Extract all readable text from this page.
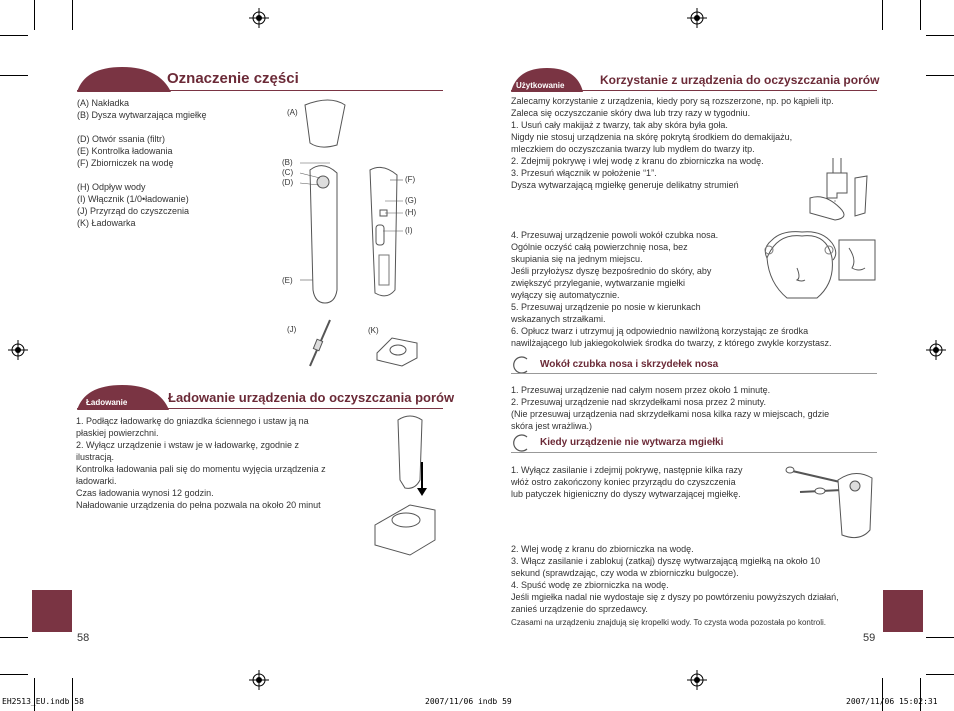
Oznaczenie części
(A) Nakładka
(B) Dysza wytwarzająca mgiełkę
(D) Otwór ssania (filtr)
(E) Kontrolka ładowania
(F) Zbiorniczek na wodę
(H) Odpływ wody
(I) Włącznik (1/0•ładowanie)
(J) Przyrząd do czyszczenia
(K) Ładowarka
(A)
(B)
(C)
(D)
(E)
(F)
(G)
(H)
(I)
(J)	(K)
Ładowanie	Ładowanie urządzenia do oczyszczania porów
1. Podłącz ładowarkę do gniazdka ściennego i ustaw ją na
płaskiej powierzchni.
2. Wyłącz urządzenie i wstaw je w ładowarkę, zgodnie z
ilustracją.
Kontrolka ładowania pali się do momentu wyjęcia urządzenia z
ładowarki.
Czas ładowania wynosi 12 godzin.
Naładowanie urządzenia do pełna pozwala na około 20 minut
58
Użytkowanie	Korzystanie z urządzenia do oczyszczania porów
Zalecamy korzystanie z urządzenia, kiedy pory są rozszerzone, np. po kąpieli itp.
Zaleca się oczyszczanie skóry dwa lub trzy razy w tygodniu.
1. Usuń cały makijaż z twarzy, tak aby skóra była goła.
Nigdy nie stosuj urządzenia na skórę pokrytą środkiem do demakijażu,
mleczkiem do oczyszczania twarzy lub mydłem do twarzy itp.
2. Zdejmij pokrywę i wlej wodę z kranu do zbiorniczka na wodę.
3. Przesuń włącznik w położenie “1”.
Dysza wytwarzającą mgiełkę generuje delikatny strumień
4. Przesuwaj urządzenie powoli wokół czubka nosa.
Ogólnie oczyść całą powierzchnię nosa, bez
skupiania się na jednym miejscu.
Jeśli przyłożysz dyszę bezpośrednio do skóry, aby
zwiększyć przyleganie, wytwarzanie mgiełki
wyłączy się automatycznie.
5. Przesuwaj urządzenie po nosie w kierunkach
wskazanych strzałkami.
6. Opłucz twarz i utrzymuj ją odpowiednio nawilżoną korzystając ze środka
nawilżającego lub jakiegokolwiek środka do twarzy, z którego zwykle korzystasz.
Wokół czubka nosa i skrzydełek nosa
1. Przesuwaj urządzenie nad całym nosem przez około 1 minutę.
2. Przesuwaj urządzenie nad skrzydełkami nosa przez 2 minuty.
(Nie przesuwaj urządzenia nad skrzydełkami nosa kilka razy w miejscach, gdzie
skóra jest wrażliwa.)
Kiedy urządzenie nie wytwarza mgiełki
1. Wyłącz zasilanie i zdejmij pokrywę, następnie kilka razy
włóż ostro zakończony koniec przyrządu do czyszczenia
lub patyczek higieniczny do dyszy wytwarzającej mgiełkę.
2. Wlej wodę z kranu do zbiorniczka na wodę.
3. Włącz zasilanie i zablokuj (zatkaj) dyszę wytwarzającą mgiełką na około 10
sekund (sprawdzając, czy woda w zbiorniczku bulgocze).
4. Spuść wodę ze zbiorniczka na wodę.
Jeśli mgiełka nadal nie wydostaje się z dyszy po powtórzeniu powyższych działań,
zanieś urządzenie do sprzedawcy.
Czasami na urządzeniu znajdują się kropelki wody. To czysta woda pozostała po kontroli.
59
EH2513_EU.indb 58	2007/11/06 indb 59	2007/11/06 15:02:31
